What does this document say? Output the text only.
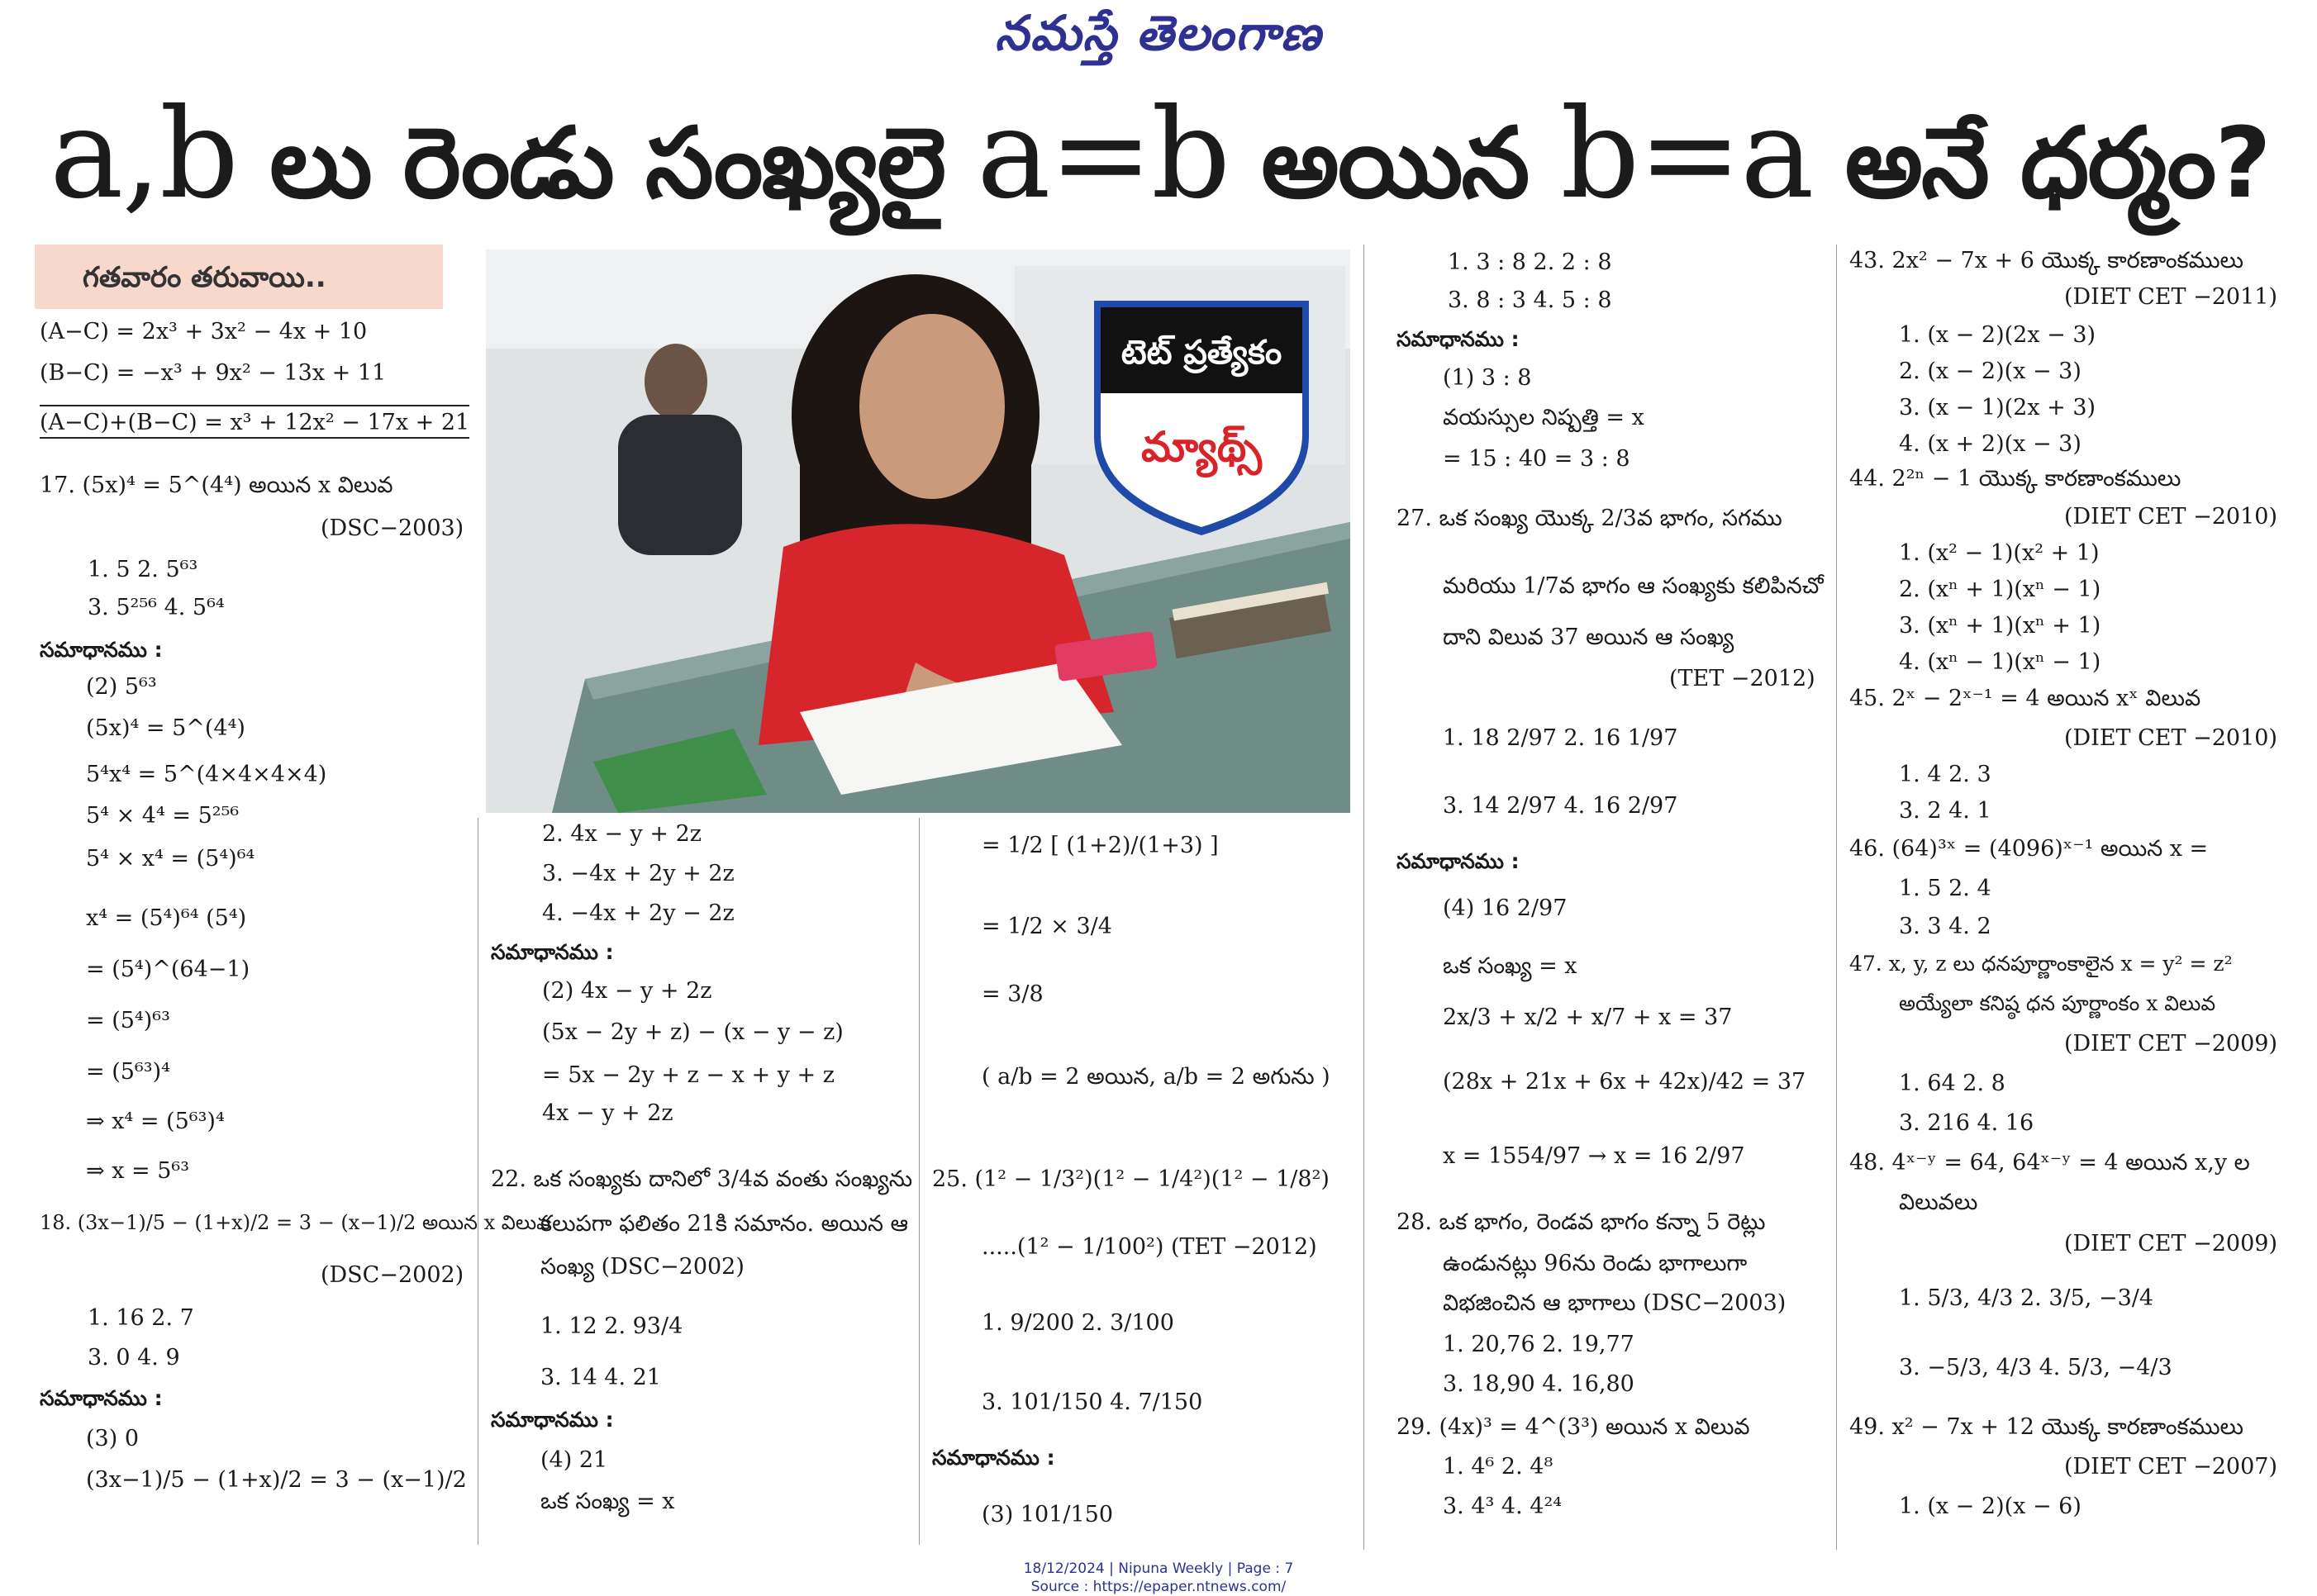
నమస్తే తెలంగాణ
a,b లు రెండు సంఖ్యలై a=b అయిన b=a అనే ధర్మం?
గతవారం తరువాయి..
టెట్ ప్రత్యేకం
మ్యాథ్స్
(A−C) = 2x³ + 3x² − 4x + 10
(B−C) = −x³ + 9x² − 13x + 11
(A−C)+(B−C) = x³ + 12x² − 17x + 21
17. (5x)⁴ = 5^(4⁴) అయిన x విలువ
(DSC−2003)
1. 5 2. 5⁶³
3. 5²⁵⁶ 4. 5⁶⁴
సమాధానము :
(2) 5⁶³
(5x)⁴ = 5^(4⁴)
5⁴x⁴ = 5^(4×4×4×4)
5⁴ × 4⁴ = 5²⁵⁶
5⁴ × x⁴ = (5⁴)⁶⁴
x⁴ = (5⁴)⁶⁴ (5⁴)
= (5⁴)^(64−1)
= (5⁴)⁶³
= (5⁶³)⁴
⇒ x⁴ = (5⁶³)⁴
⇒ x = 5⁶³
18. (3x−1)/5 − (1+x)/2 = 3 − (x−1)/2 అయిన x విలువ
(DSC−2002)
1. 16 2. 7
3. 0 4. 9
సమాధానము :
(3) 0
(3x−1)/5 − (1+x)/2 = 3 − (x−1)/2
2. 4x − y + 2z
3. −4x + 2y + 2z
4. −4x + 2y − 2z
సమాధానము :
(2) 4x − y + 2z
(5x − 2y + z) − (x − y − z)
= 5x − 2y + z − x + y + z
4x − y + 2z
22. ఒక సంఖ్యకు దానిలో 3/4వ వంతు సంఖ్యను
కలుపగా ఫలితం 21కి సమానం. అయిన ఆ
సంఖ్య (DSC−2002)
1. 12 2. 93/4
3. 14 4. 21
సమాధానము :
(4) 21
ఒక సంఖ్య = x
= 1/2 [ (1+2)/(1+3) ]
= 1/2 × 3/4
= 3/8
( a/b = 2 అయిన, a/b = 2 అగును )
25. (1² − 1/3²)(1² − 1/4²)(1² − 1/8²)
.....(1² − 1/100²) (TET −2012)
1. 9/200 2. 3/100
3. 101/150 4. 7/150
సమాధానము :
(3) 101/150
1. 3 : 8 2. 2 : 8
3. 8 : 3 4. 5 : 8
సమాధానము :
(1) 3 : 8
వయస్సుల నిష్పత్తి = x
= 15 : 40 = 3 : 8
27. ఒక సంఖ్య యొక్క 2/3వ భాగం, సగము
మరియు 1/7వ భాగం ఆ సంఖ్యకు కలిపినచో
దాని విలువ 37 అయిన ఆ సంఖ్య
(TET −2012)
1. 18 2/97 2. 16 1/97
3. 14 2/97 4. 16 2/97
సమాధానము :
(4) 16 2/97
ఒక సంఖ్య = x
2x/3 + x/2 + x/7 + x = 37
(28x + 21x + 6x + 42x)/42 = 37
x = 1554/97 → x = 16 2/97
28. ఒక భాగం, రెండవ భాగం కన్నా 5 రెట్లు
ఉండునట్లు 96ను రెండు భాగాలుగా
విభజించిన ఆ భాగాలు (DSC−2003)
1. 20,76 2. 19,77
3. 18,90 4. 16,80
29. (4x)³ = 4^(3³) అయిన x విలువ
1. 4⁶ 2. 4⁸
3. 4³ 4. 4²⁴
43. 2x² − 7x + 6 యొక్క కారణాంకములు
(DIET CET −2011)
1. (x − 2)(2x − 3)
2. (x − 2)(x − 3)
3. (x − 1)(2x + 3)
4. (x + 2)(x − 3)
44. 2²ⁿ − 1 యొక్క కారణాంకములు
(DIET CET −2010)
1. (x² − 1)(x² + 1)
2. (xⁿ + 1)(xⁿ − 1)
3. (xⁿ + 1)(xⁿ + 1)
4. (xⁿ − 1)(xⁿ − 1)
45. 2ˣ − 2ˣ⁻¹ = 4 అయిన xˣ విలువ
(DIET CET −2010)
1. 4 2. 3
3. 2 4. 1
46. (64)³ˣ = (4096)ˣ⁻¹ అయిన x =
1. 5 2. 4
3. 3 4. 2
47. x, y, z లు ధనపూర్ణాంకాలైన x = y² = z²
అయ్యేలా కనిష్ఠ ధన పూర్ణాంకం x విలువ
(DIET CET −2009)
1. 64 2. 8
3. 216 4. 16
48. 4ˣ⁻ʸ = 64, 64ˣ⁻ʸ = 4 అయిన x,y ల
విలువలు
(DIET CET −2009)
1. 5/3, 4/3 2. 3/5, −3/4
3. −5/3, 4/3 4. 5/3, −4/3
49. x² − 7x + 12 యొక్క కారణాంకములు
(DIET CET −2007)
1. (x − 2)(x − 6)
18/12/2024 | Nipuna Weekly | Page : 7
Source : https://epaper.ntnews.com/
